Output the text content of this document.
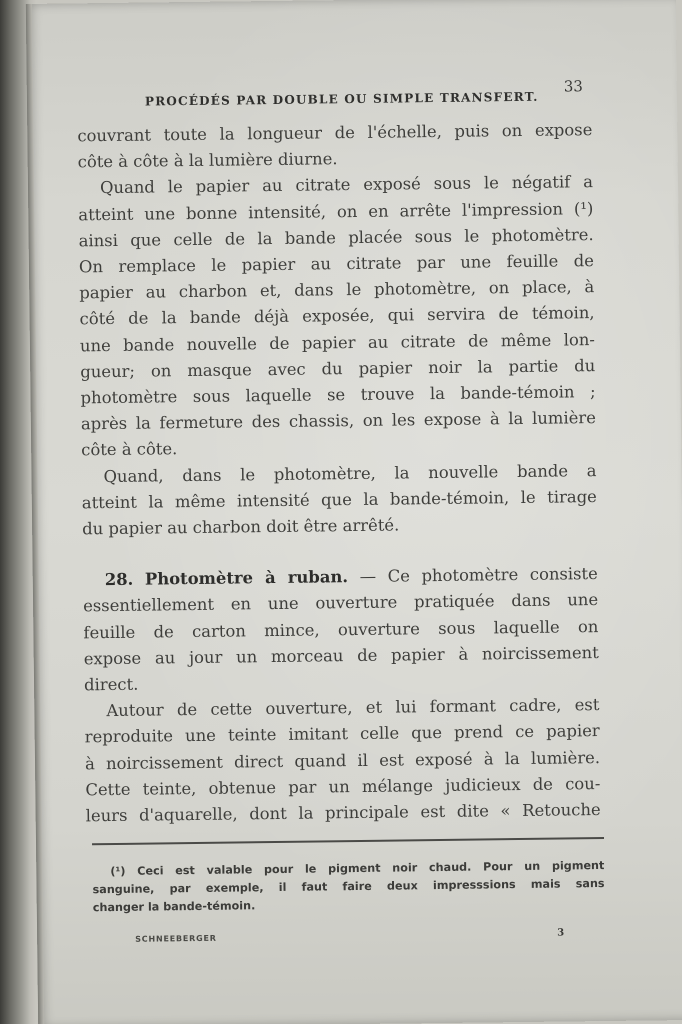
PROCÉDÉS PAR DOUBLE OU SIMPLE TRANSFERT.
33

couvrant toute la longueur de l'échelle, puis on expose
côte à côte à la lumière diurne.

Quand le papier au citrate exposé sous le négatif a
atteint une bonne intensité, on en arrête l'impression (¹)
ainsi que celle de la bande placée sous le photomètre.
On remplace le papier au citrate par une feuille de
papier au charbon et, dans le photomètre, on place, à
côté de la bande déjà exposée, qui servira de témoin,
une bande nouvelle de papier au citrate de même lon-
gueur; on masque avec du papier noir la partie du
photomètre sous laquelle se trouve la bande-témoin ;
après la fermeture des chassis, on les expose à la lumière
côte à côte.

Quand, dans le photomètre, la nouvelle bande a
atteint la même intensité que la bande-témoin, le tirage
du papier au charbon doit être arrêté.

28. Photomètre à ruban. — Ce photomètre consiste
essentiellement en une ouverture pratiquée dans une
feuille de carton mince, ouverture sous laquelle on
expose au jour un morceau de papier à noircissement
direct.

Autour de cette ouverture, et lui formant cadre, est
reproduite une teinte imitant celle que prend ce papier
à noircissement direct quand il est exposé à la lumière.
Cette teinte, obtenue par un mélange judicieux de cou-
leurs d'aquarelle, dont la principale est dite « Retouche

(¹) Ceci est valable pour le pigment noir chaud. Pour un pigment
sanguine, par exemple, il faut faire deux impresssions mais sans
changer la bande-témoin.
SCHNEEBERGER
3
